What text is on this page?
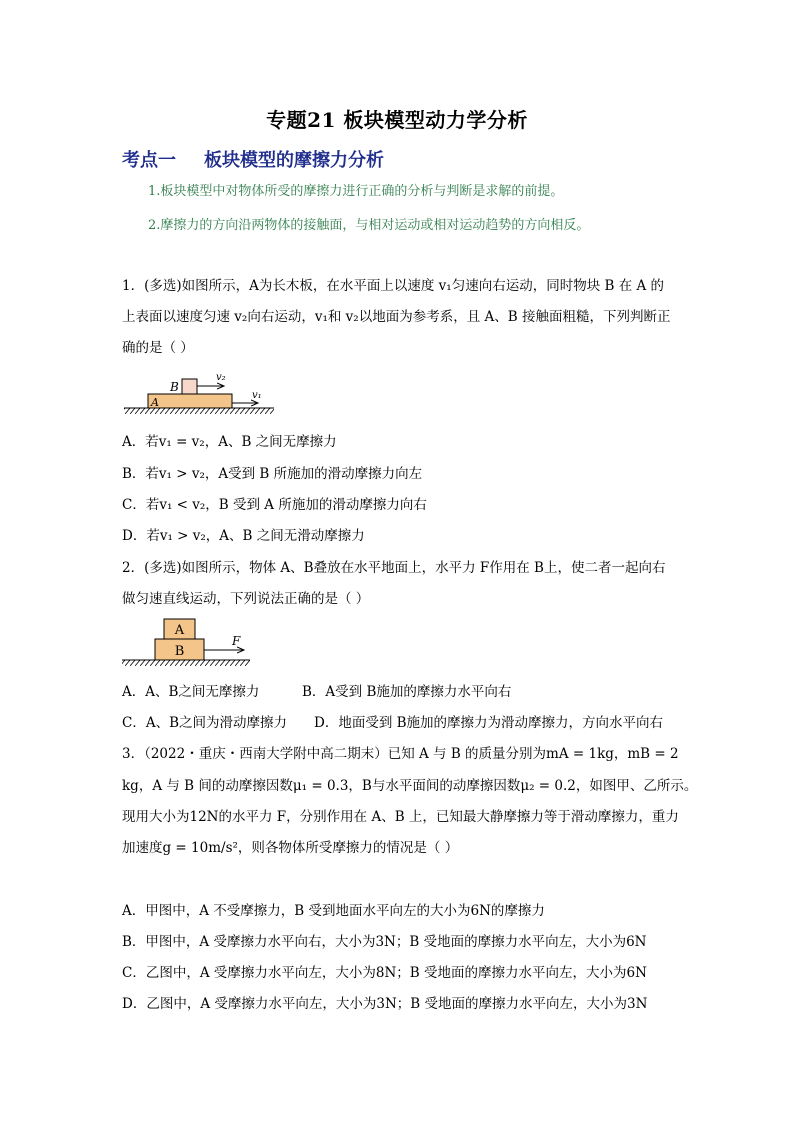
专题21 板块模型动力学分析
考点一 板块模型的摩擦力分析
1.板块模型中对物体所受的摩擦力进行正确的分析与判断是求解的前提。
2.摩擦力的方向沿两物体的接触面，与相对运动或相对运动趋势的方向相反。
1．(多选)如图所示，A为长木板，在水平面上以速度 v₁匀速向右运动，同时物块 B 在 A 的
上表面以速度匀速 v₂向右运动，v₁和 v₂以地面为参考系，且 A、B 接触面粗糙，下列判断正
确的是（ ）
B
A
v₂
v₁
A．若v₁ = v₂，A、B 之间无摩擦力
B．若v₁ > v₂，A受到 B 所施加的滑动摩擦力向左
C．若v₁ < v₂，B 受到 A 所施加的滑动摩擦力向右
D．若v₁ > v₂，A、B 之间无滑动摩擦力
2．(多选)如图所示，物体 A、B叠放在水平地面上，水平力 F作用在 B上，使二者一起向右
做匀速直线运动，下列说法正确的是（ ）
A
B
F
A．A、B之间无摩擦力	B．A受到 B施加的摩擦力水平向右
C．A、B之间为滑动摩擦力 D．地面受到 B施加的摩擦力为滑动摩擦力，方向水平向右
3．（2022・重庆・西南大学附中高二期末）已知 A 与 B 的质量分别为mA = 1kg，mB = 2
kg，A 与 B 间的动摩擦因数μ₁ = 0.3，B与水平面间的动摩擦因数μ₂ = 0.2，如图甲、乙所示。
现用大小为12N的水平力 F，分别作用在 A、B 上，已知最大静摩擦力等于滑动摩擦力，重力
加速度g = 10m/s²，则各物体所受摩擦力的情况是（ ）
A．甲图中，A 不受摩擦力，B 受到地面水平向左的大小为6N的摩擦力
B．甲图中，A 受摩擦力水平向右，大小为3N；B 受地面的摩擦力水平向左，大小为6N
C．乙图中，A 受摩擦力水平向左，大小为8N；B 受地面的摩擦力水平向左，大小为6N
D．乙图中，A 受摩擦力水平向左，大小为3N；B 受地面的摩擦力水平向左，大小为3N
